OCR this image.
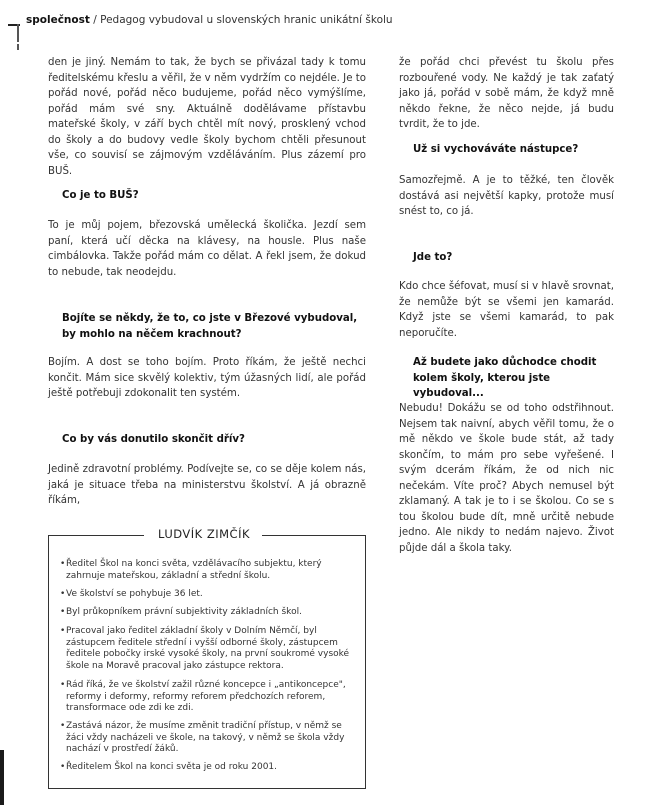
společnost / Pedagog vybudoval u slovenských hranic unikátní školu

den je jiný. Nemám to tak, že bych se přivázal tady k tomu ředitelskému křeslu a věřil, že v něm vydržím co nejdéle. Je to pořád nové, pořád něco budujeme, pořád něco vymýšlíme, pořád mám své sny. Aktuálně dodělávame přístavbu mateřské školy, v září bych chtěl mít nový, prosklený vchod do školy a do budovy vedle školy bychom chtěli přesunout vše, co souvisí se zájmovým vzděláváním. Plus zázemí pro BUŠ.

Co je to BUŠ?

To je můj pojem, březovská umělecká školička. Jezdí sem paní, která učí děcka na klávesy, na housle. Plus naše cimbálovka. Takže pořád mám co dělat. A řekl jsem, že dokud to nebude, tak neodejdu.

Bojíte se někdy, že to, co jste v Březové vybudoval,

by mohlo na něčem krachnout?

Bojím. A dost se toho bojím. Proto říkám, že ještě nechci končit. Mám sice skvělý kolektiv, tým úžasných lidí, ale pořád ještě potřebuji zdokonalit ten systém.

Co by vás donutilo skončit dřív?

Jedině zdravotní problémy. Podívejte se, co se děje kolem nás, jaká je situace třeba na ministerstvu školství. A já obrazně říkám,

že pořád chci převést tu školu přes rozbouřené vody. Ne každý je tak zaťatý jako já, pořád v sobě mám, že když mně někdo řekne, že něco nejde, já budu tvrdit, že to jde.

Už si vychováváte nástupce?

Samozřejmě. A je to těžké, ten člověk dostává asi největší kapky, protože musí snést to, co já.

Jde to?

Kdo chce šéfovat, musí si v hlavě srovnat, že nemůže být se všemi jen kamarád. Když jste se všemi kamarád, to pak neporučíte.

Až budete jako důchodce chodit

kolem školy, kterou jste vybudoval...

Nebudu! Dokážu se od toho odstřihnout. Nejsem tak naivní, abych věřil tomu, že o mě někdo ve škole bude stát, až tady skončím, to mám pro sebe vyřešené. I svým dcerám říkám, že od nich nic nečekám. Víte proč? Abych nemusel být zklamaný. A tak je to i se školou. Co se s tou školou bude dít, mně určitě nebude jedno. Ale nikdy to nedám najevo. Život půjde dál a škola taky.

LUDVÍK ZIMČÍK
• Ředitel Škol na konci světa, vzdělávacího subjektu, který zahrnuje mateřskou, základní a střední školu.
• Ve školství se pohybuje 36 let.
• Byl průkopníkem právní subjektivity základních škol.
• Pracoval jako ředitel základní školy v Dolním Němčí, byl zástupcem ředitele střední i vyšší odborné školy, zástupcem ředitele pobočky irské vysoké školy, na první soukromé vysoké škole na Moravě pracoval jako zástupce rektora.
• Rád říká, že ve školství zažil různé koncepce i „antikoncepce", reformy i deformy, reformy reforem předchozích reforem, transformace ode zdi ke zdi.
• Zastává názor, že musíme změnit tradiční přístup, v němž se žáci vždy nacházeli ve škole, na takový, v němž se škola vždy nachází v prostředí žáků.
• Ředitelem Škol na konci světa je od roku 2001.
